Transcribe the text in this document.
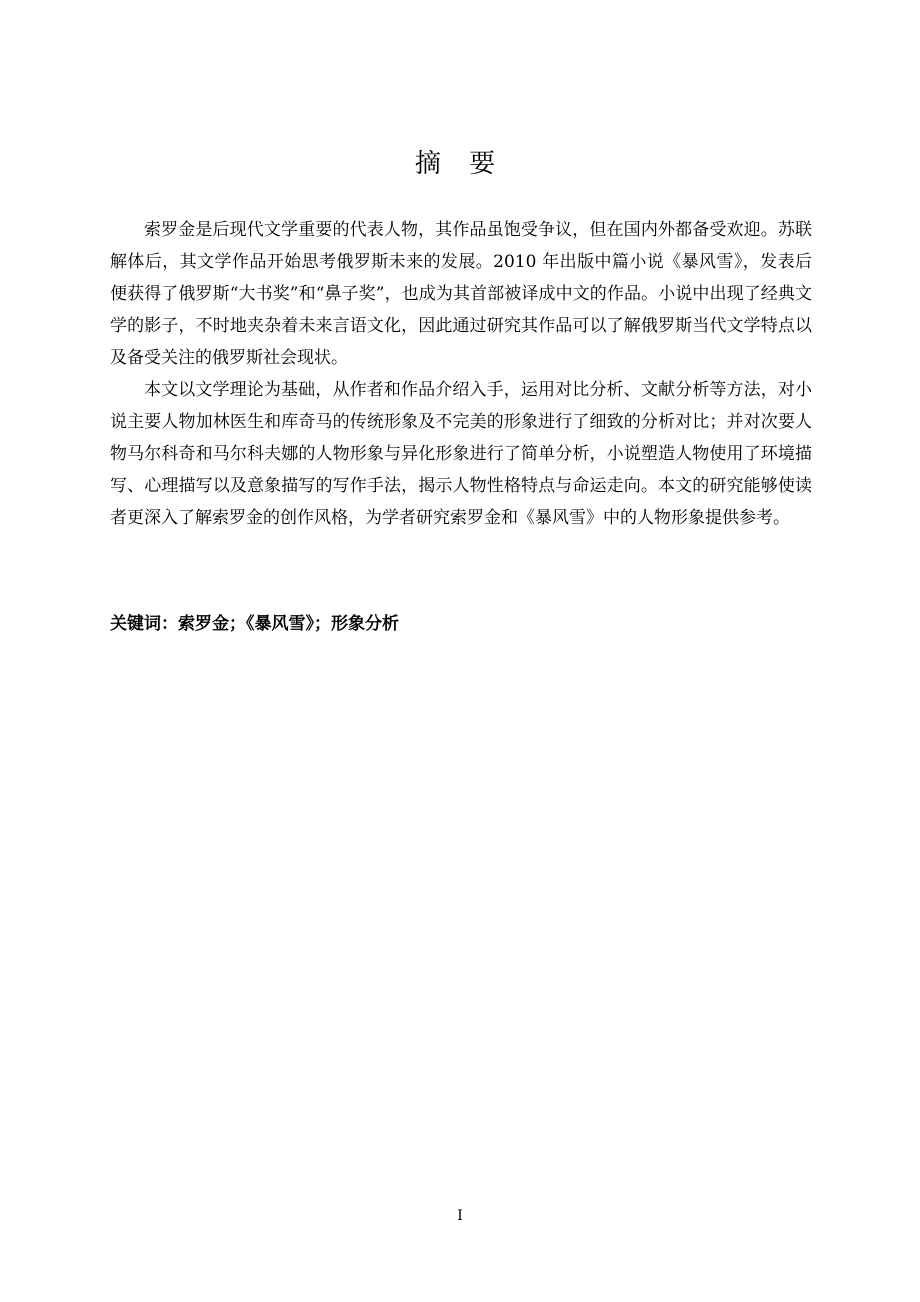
摘 要

索罗金是后现代文学重要的代表人物，其作品虽饱受争议，但在国内外都备受欢迎。苏联解体后，其文学作品开始思考俄罗斯未来的发展。2010 年出版中篇小说《暴风雪》，发表后便获得了俄罗斯“大书奖”和“鼻子奖”，也成为其首部被译成中文的作品。小说中出现了经典文学的影子，不时地夹杂着未来言语文化，因此通过研究其作品可以了解俄罗斯当代文学特点以及备受关注的俄罗斯社会现状。

本文以文学理论为基础，从作者和作品介绍入手，运用对比分析、文献分析等方法，对小说主要人物加林医生和库奇马的传统形象及不完美的形象进行了细致的分析对比；并对次要人物马尔科奇和马尔科夫娜的人物形象与异化形象进行了简单分析，小说塑造人物使用了环境描写、心理描写以及意象描写的写作手法，揭示人物性格特点与命运走向。本文的研究能够使读者更深入了解索罗金的创作风格，为学者研究索罗金和《暴风雪》中的人物形象提供参考。

关键词：索罗金；《暴风雪》；形象分析
I
